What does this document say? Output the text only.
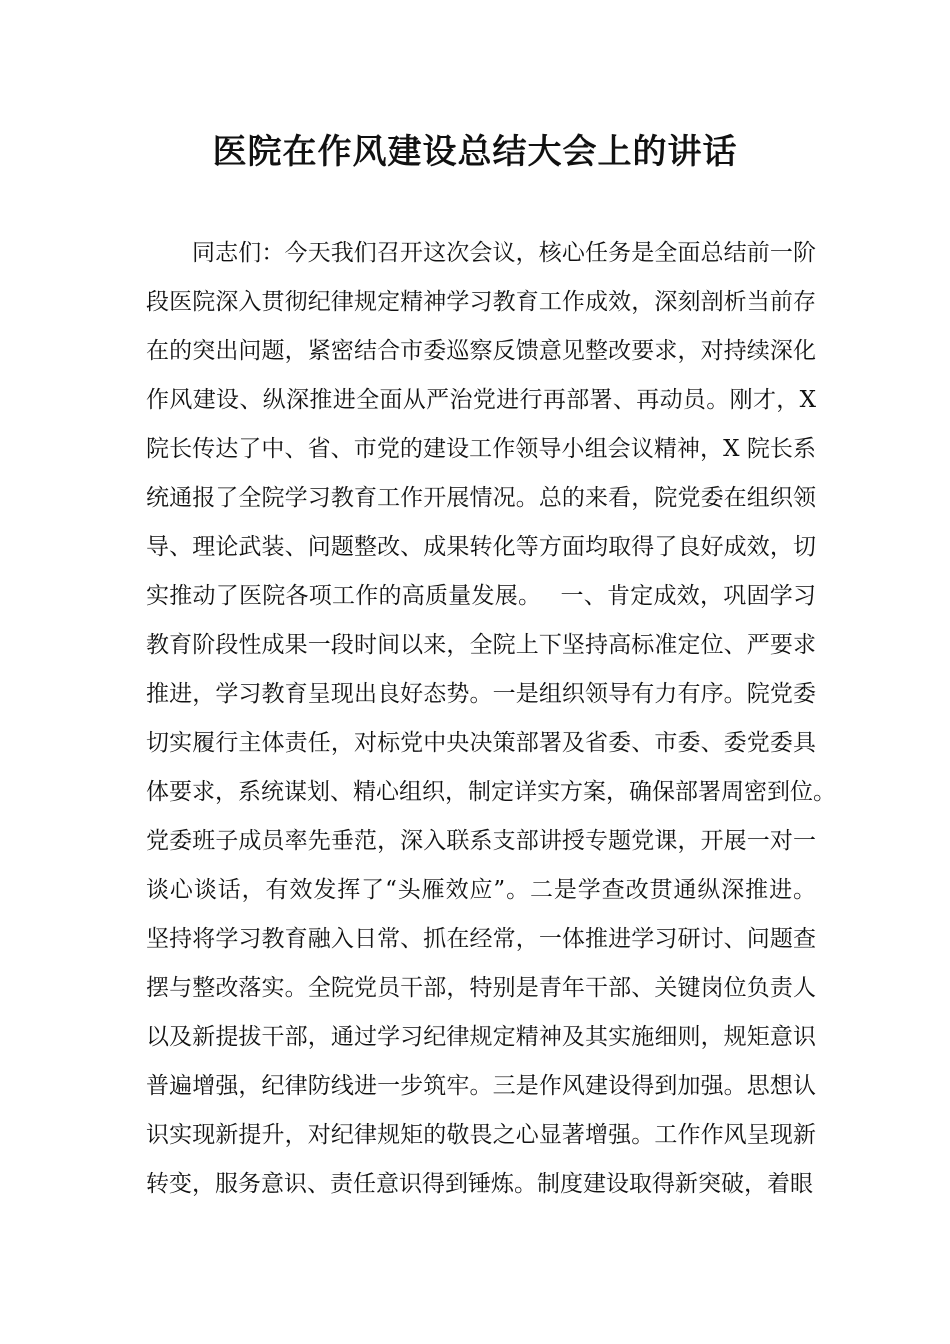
医院在作风建设总结大会上的讲话
同志们：今天我们召开这次会议，核心任务是全面总结前一阶
段医院深入贯彻纪律规定精神学习教育工作成效，深刻剖析当前存
在的突出问题，紧密结合市委巡察反馈意见整改要求，对持续深化
作风建设、纵深推进全面从严治党进行再部署、再动员。刚才，X
院长传达了中、省、市党的建设工作领导小组会议精神，X 院长系
统通报了全院学习教育工作开展情况。总的来看，院党委在组织领
导、理论武装、问题整改、成果转化等方面均取得了良好成效，切
实推动了医院各项工作的高质量发展。　 一、肯定成效，巩固学习
教育阶段性成果一段时间以来，全院上下坚持高标准定位、严要求
推进，学习教育呈现出良好态势。一是组织领导有力有序。院党委
切实履行主体责任，对标党中央决策部署及省委、市委、委党委具
体要求，系统谋划、精心组织，制定详实方案，确保部署周密到位。
党委班子成员率先垂范，深入联系支部讲授专题党课，开展一对一
谈心谈话，有效发挥了“头雁效应”。二是学查改贯通纵深推进。
坚持将学习教育融入日常、抓在经常，一体推进学习研讨、问题查
摆与整改落实。全院党员干部，特别是青年干部、关键岗位负责人
以及新提拔干部，通过学习纪律规定精神及其实施细则，规矩意识
普遍增强，纪律防线进一步筑牢。三是作风建设得到加强。思想认
识实现新提升，对纪律规矩的敬畏之心显著增强。工作作风呈现新
转变，服务意识、责任意识得到锤炼。制度建设取得新突破，着眼
